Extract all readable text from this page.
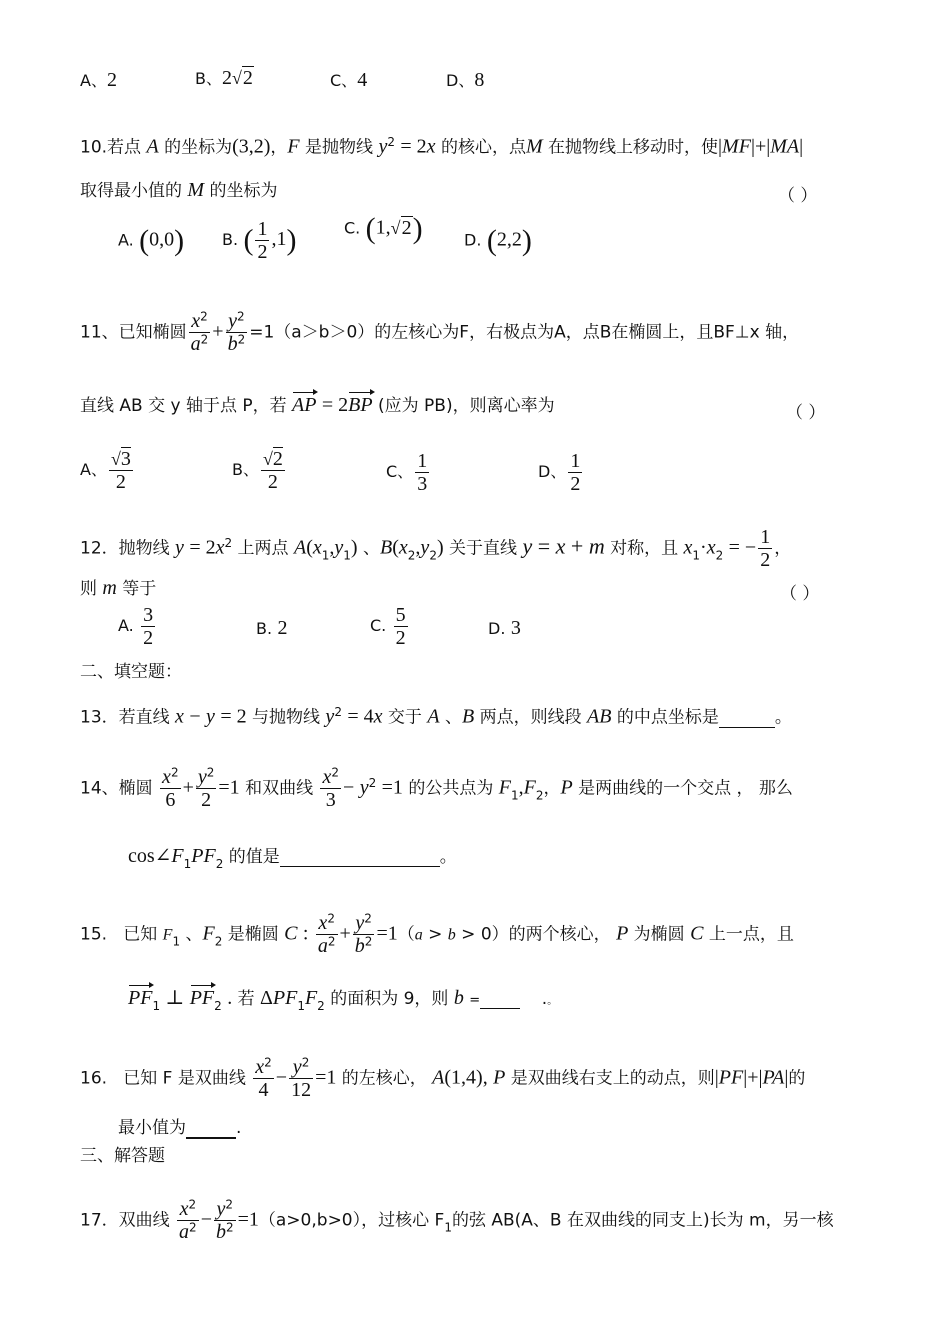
A、2	B、2√2	C、4	D、8
10.若点 A 的坐标为(3,2)，F 是抛物线 $y^2 = 2x$ 的核心，点M 在抛物线上移动时，使|MF|+|MA|
取得最小值的 M 的坐标为	（ ）
A. (0,0) B. ( $\frac{1}{2} ,1$)	C. (1,√2)	D. (2,2)
11、已知椭圆 $\frac{x^2}{a^2} + \frac{y^2}{b^2} =1(a>b>0)$的左核心为F，右极点为A，点B在椭圆上，且BF⊥x 轴，
直线 AB 交 y 轴于点 P，若 AP = 2BP (应为 PB)，则离心率为	（ ）
A、 $\frac{√3}{2}$	B、 $\frac{√2}{2}$	C、 $\frac{1}{3}$	D、 $\frac{1}{2}$
12．抛物线 $y = 2x^2$ 上两点 $A(x_1,y_1)$ 、$B(x_2,y_2)$ 关于直线 y = x + m 对称，且 $x_1\cdot x_2$ = − $\frac{1}{2}$ ，
则 m 等于	（ ）
A. $\frac{3}{2}$	B. 2	C. $\frac{5}{2}$	D. 3
二、填空题：
13．若直线 x − y = 2 与抛物线 $y^2 = 4x$ 交于 A 、B 两点，则线段 AB 的中点坐标是	。
14、椭圆 $\frac{x^2}{6} + \frac{y^2}{2} =1$ 和双曲线 $\frac{x^2}{3} - y^2 =1$ 的公共点为 $F_1,F_2$，P 是两曲线的一个交点 ， 那么
$\cos\angle F_1PF_2$ 的值是	。
15.   已知 $F_1$ 、$F_2$ 是椭圆 C : $\frac{x^2}{a^2} + \frac{y^2}{b^2} =1(a > b > 0)$的两个核心， P 为椭圆 C 上一点，且
$PF_1$ ⊥ $PF_2$ . 若 $\Delta PF_1F_2$ 的面积为 9，则 b =     .。
16.   已知 F 是双曲线 $\frac{x^2}{4} - \frac{y^2}{12} =1$ 的左核心， A(1,4), P 是双曲线右支上的动点，则|PF|+|PA|的
最小值为	.
三、解答题
17．双曲线 $\frac{x^2}{a^2} - \frac{y^2}{b^2} =1(a>0,b>0)$，过核心 $F_1$的弦 AB(A、B 在双曲线的同支上)长为 m，另一核
